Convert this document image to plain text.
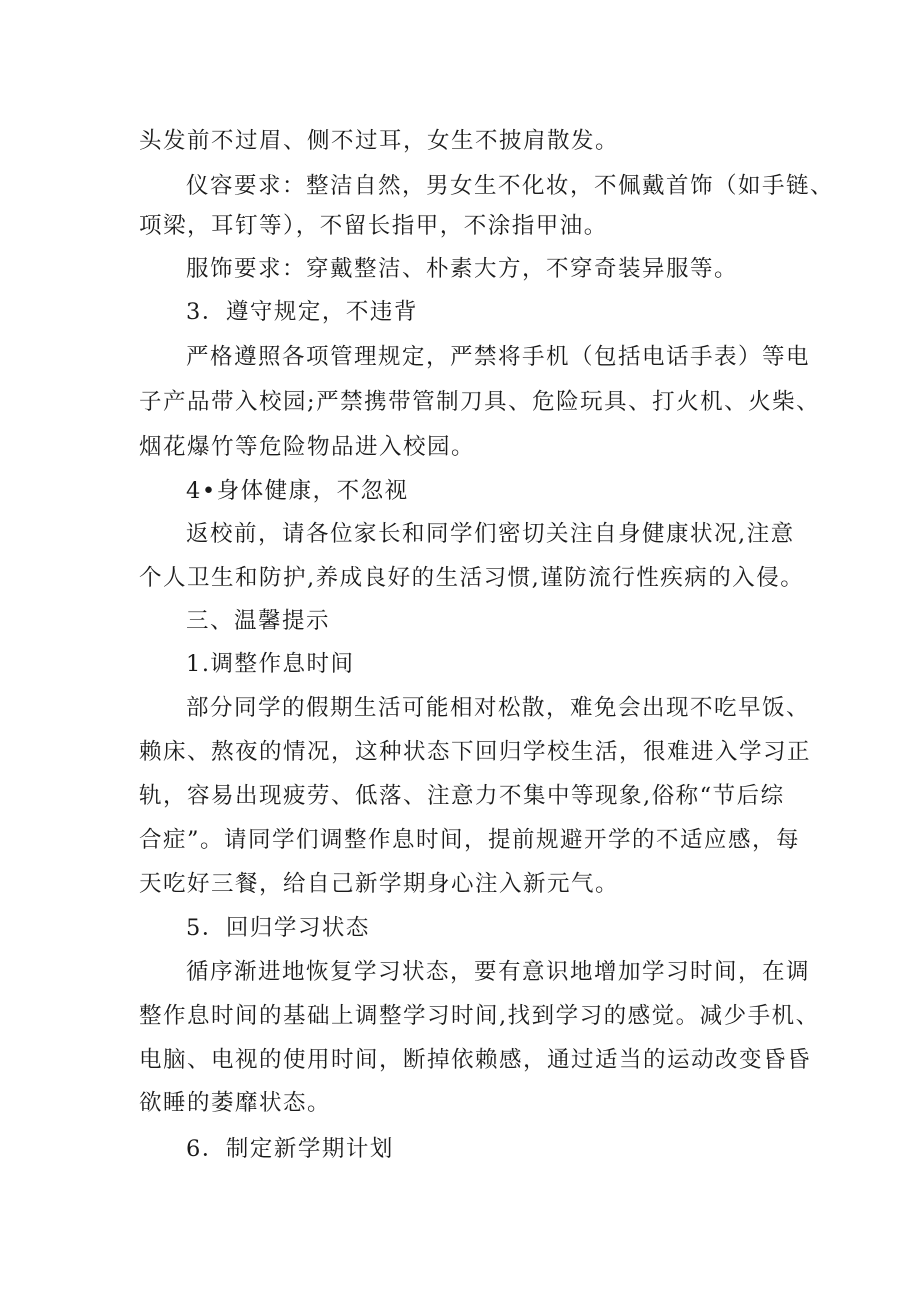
头发前不过眉、侧不过耳，女生不披肩散发。
仪容要求：整洁自然，男女生不化妆，不佩戴首饰（如手链、
项梁，耳钉等），不留长指甲，不涂指甲油。
服饰要求：穿戴整洁、朴素大方，不穿奇装异服等。
3．遵守规定，不违背
严格遵照各项管理规定，严禁将手机（包括电话手表）等电
子产品带入校园;严禁携带管制刀具、危险玩具、打火机、火柴、
烟花爆竹等危险物品进入校园。
4•身体健康，不忽视
返校前，请各位家长和同学们密切关注自身健康状况,注意
个人卫生和防护,养成良好的生活习惯,谨防流行性疾病的入侵。
三、温馨提示
1.调整作息时间
部分同学的假期生活可能相对松散，难免会出现不吃早饭、
赖床、熬夜的情况，这种状态下回归学校生活，很难进入学习正
轨，容易出现疲劳、低落、注意力不集中等现象,俗称“节后综
合症”。请同学们调整作息时间，提前规避开学的不适应感，每
天吃好三餐，给自己新学期身心注入新元气。
5．回归学习状态
循序渐进地恢复学习状态，要有意识地增加学习时间，在调
整作息时间的基础上调整学习时间,找到学习的感觉。减少手机、
电脑、电视的使用时间，断掉依赖感，通过适当的运动改变昏昏
欲睡的萎靡状态。
6．制定新学期计划
